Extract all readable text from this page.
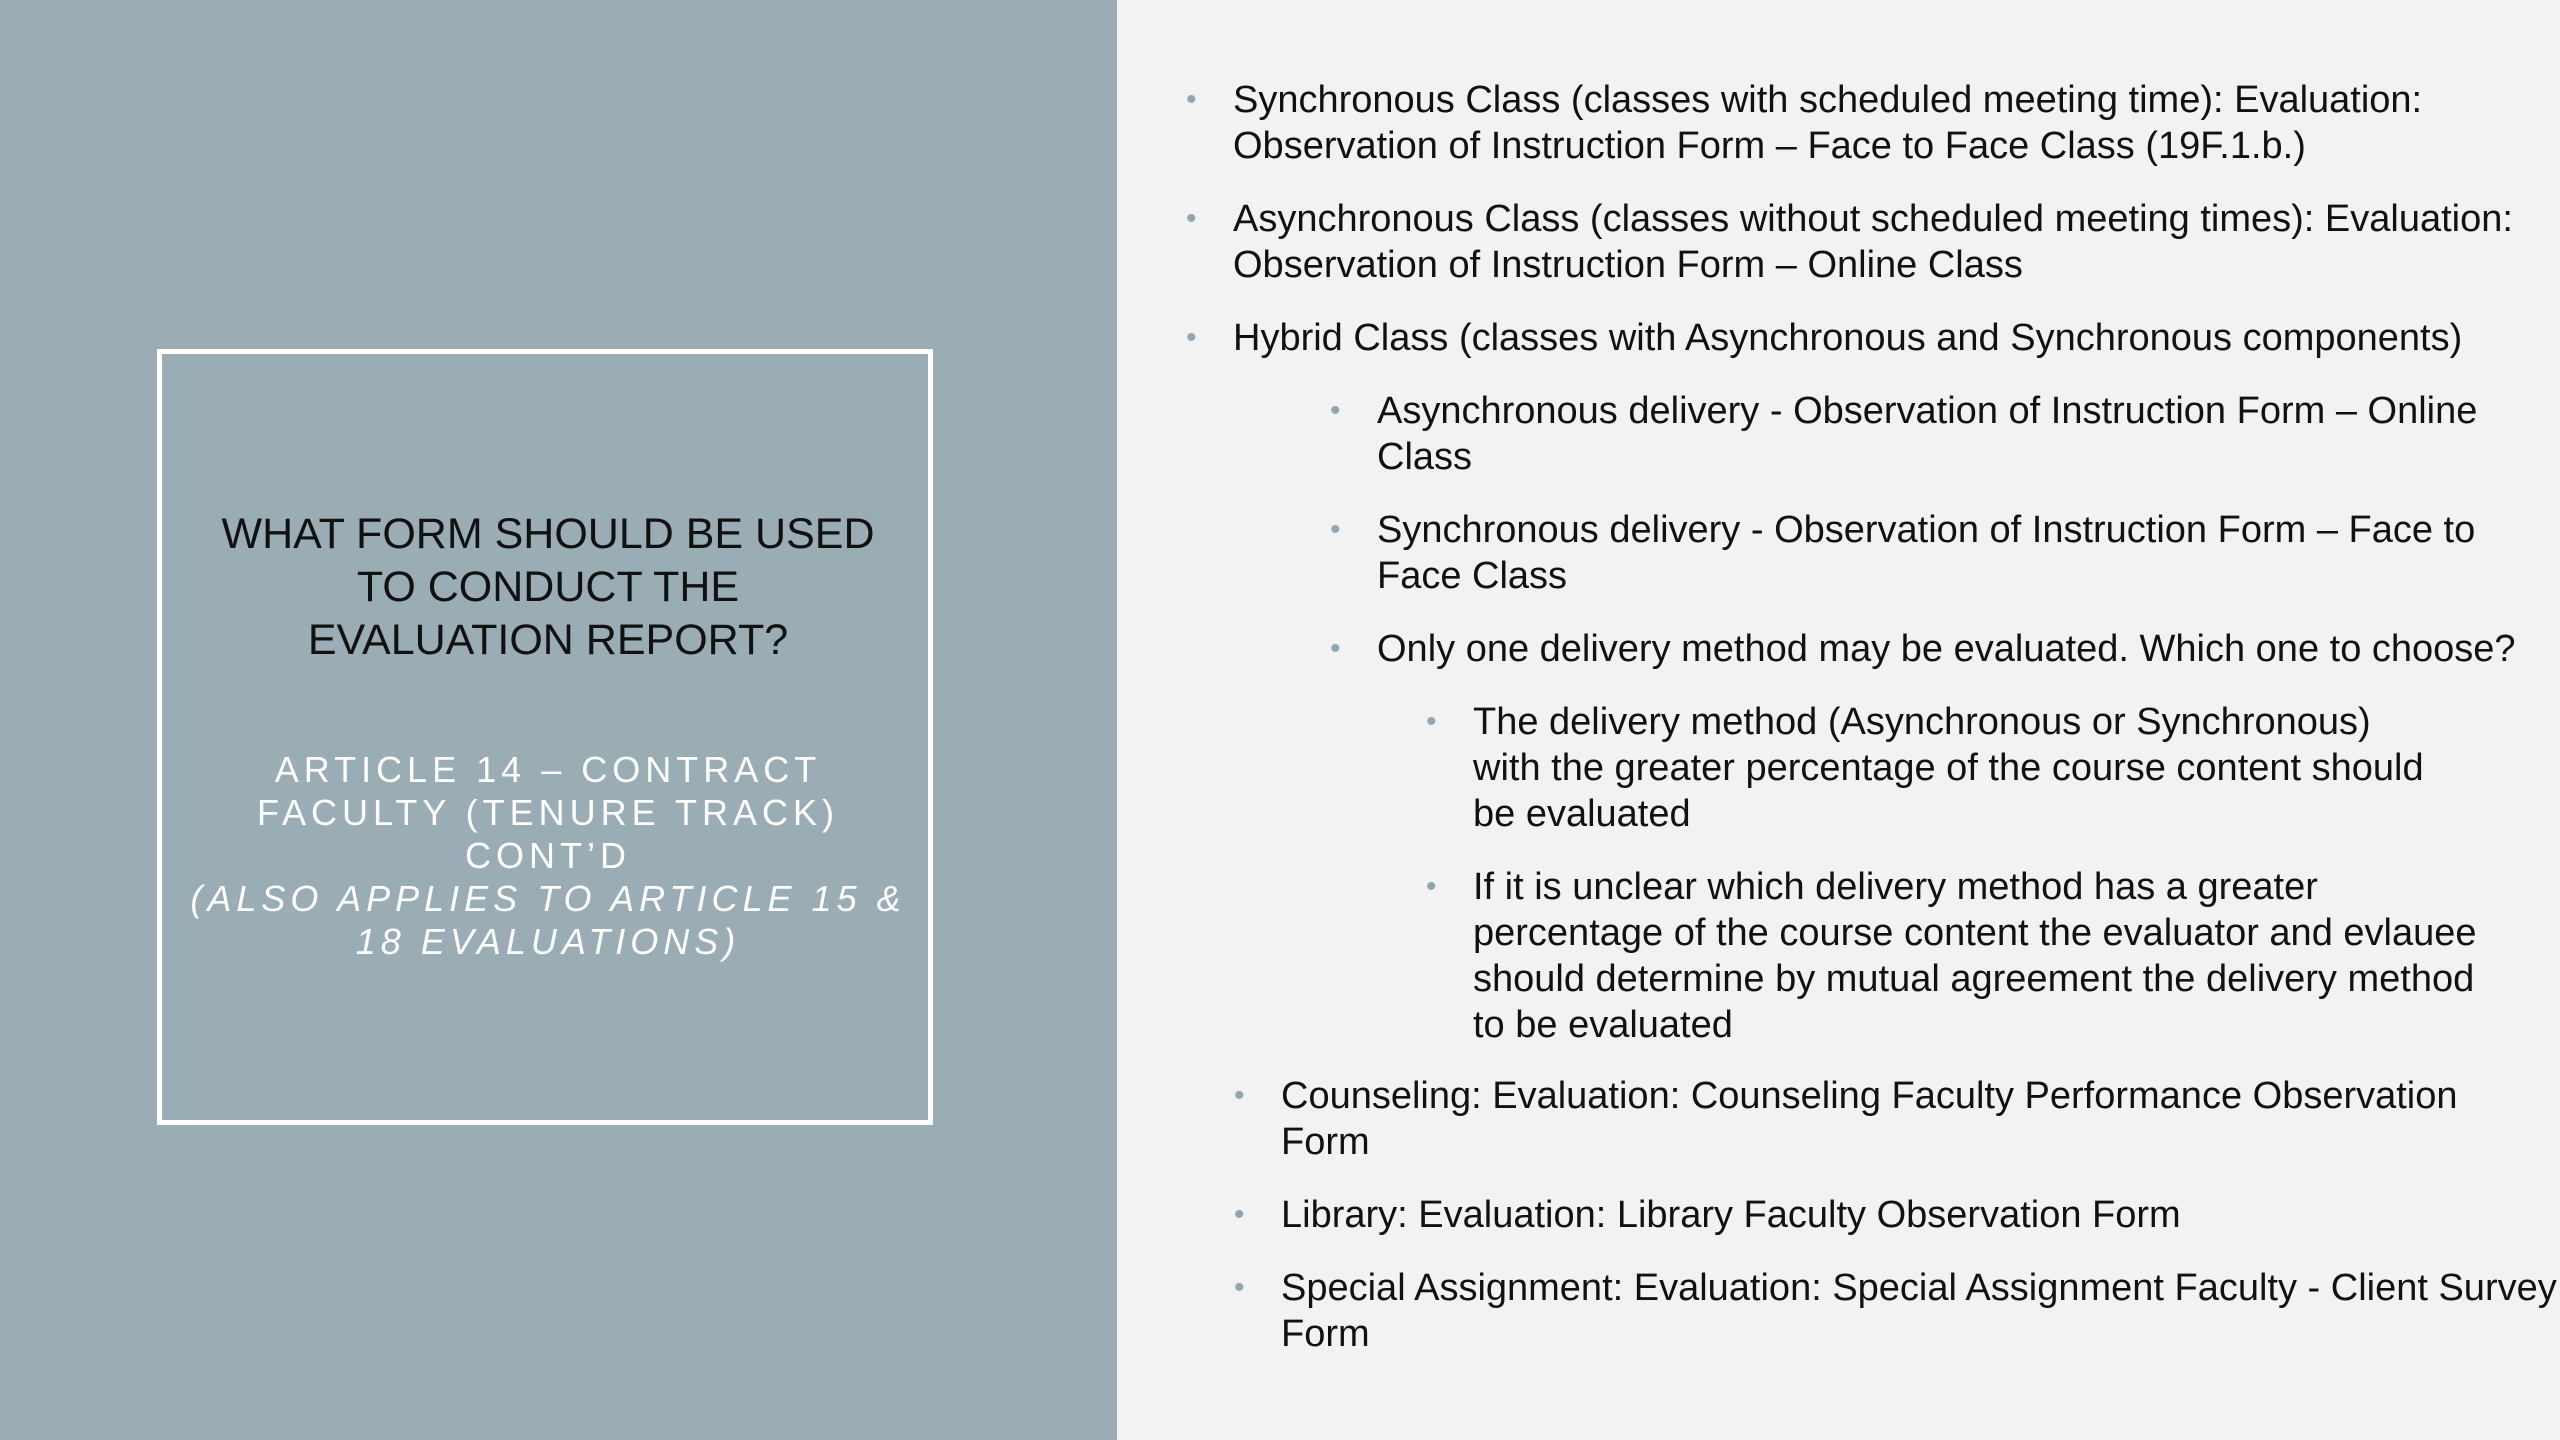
WHAT FORM SHOULD BE USED
TO CONDUCT THE
EVALUATION REPORT?
ARTICLE 14 – CONTRACT
FACULTY (TENURE TRACK)
CONT’D
(ALSO APPLIES TO ARTICLE 15 &
18 EVALUATIONS)
• Synchronous Class (classes with scheduled meeting time): Evaluation:
Observation of Instruction Form – Face to Face Class (19F.1.b.)
• Asynchronous Class (classes without scheduled meeting times): Evaluation:
Observation of Instruction Form – Online Class
• Hybrid Class (classes with Asynchronous and Synchronous components)
• Asynchronous delivery - Observation of Instruction Form – Online
Class
• Synchronous delivery - Observation of Instruction Form – Face to
Face Class
• Only one delivery method may be evaluated. Which one to choose?
• The delivery method (Asynchronous or Synchronous)
with the greater percentage of the course content should
be evaluated
• If it is unclear which delivery method has a greater
percentage of the course content the evaluator and evlauee
should determine by mutual agreement the delivery method
to be evaluated
• Counseling: Evaluation: Counseling Faculty Performance Observation
Form
• Library: Evaluation: Library Faculty Observation Form
• Special Assignment: Evaluation: Special Assignment Faculty - Client Survey
Form
